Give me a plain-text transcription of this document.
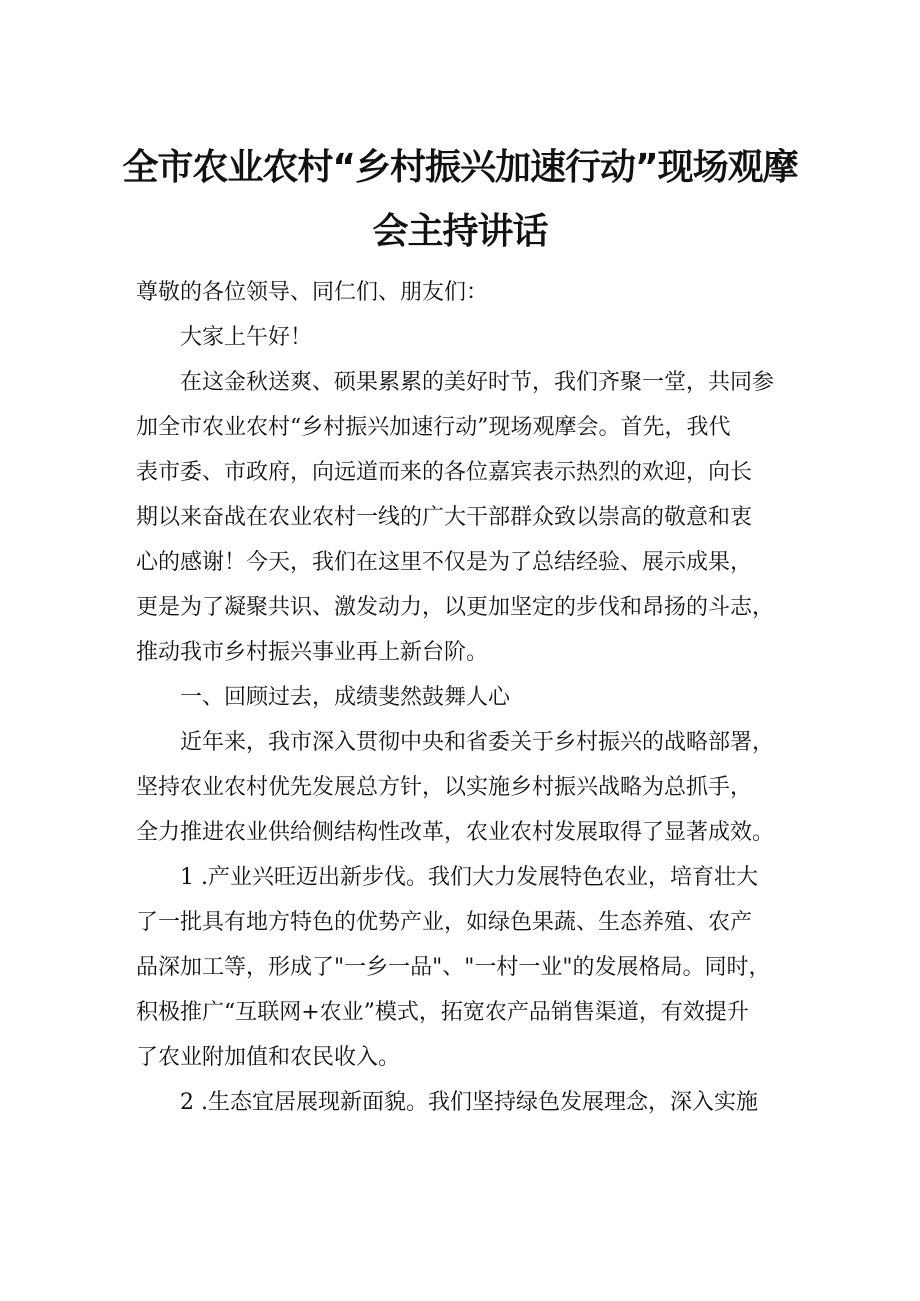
全市农业农村“乡村振兴加速行动”现场观摩
会主持讲话

尊敬的各位领导、同仁们、朋友们：

大家上午好！

在这金秋送爽、硕果累累的美好时节，我们齐聚一堂，共同参
加全市农业农村“乡村振兴加速行动”现场观摩会。首先，我代
表市委、市政府，向远道而来的各位嘉宾表示热烈的欢迎，向长
期以来奋战在农业农村一线的广大干部群众致以崇高的敬意和衷
心的感谢！今天，我们在这里不仅是为了总结经验、展示成果，
更是为了凝聚共识、激发动力，以更加坚定的步伐和昂扬的斗志，
推动我市乡村振兴事业再上新台阶。

一、回顾过去，成绩斐然鼓舞人心

近年来，我市深入贯彻中央和省委关于乡村振兴的战略部署，
坚持农业农村优先发展总方针，以实施乡村振兴战略为总抓手，
全力推进农业供给侧结构性改革，农业农村发展取得了显著成效。

1 .产业兴旺迈出新步伐。我们大力发展特色农业，培育壮大
了一批具有地方特色的优势产业，如绿色果蔬、生态养殖、农产
品深加工等，形成了"一乡一品"、"一村一业"的发展格局。同时，
积极推广“互联网+农业”模式，拓宽农产品销售渠道，有效提升
了农业附加值和农民收入。

2 .生态宜居展现新面貌。我们坚持绿色发展理念，深入实施
